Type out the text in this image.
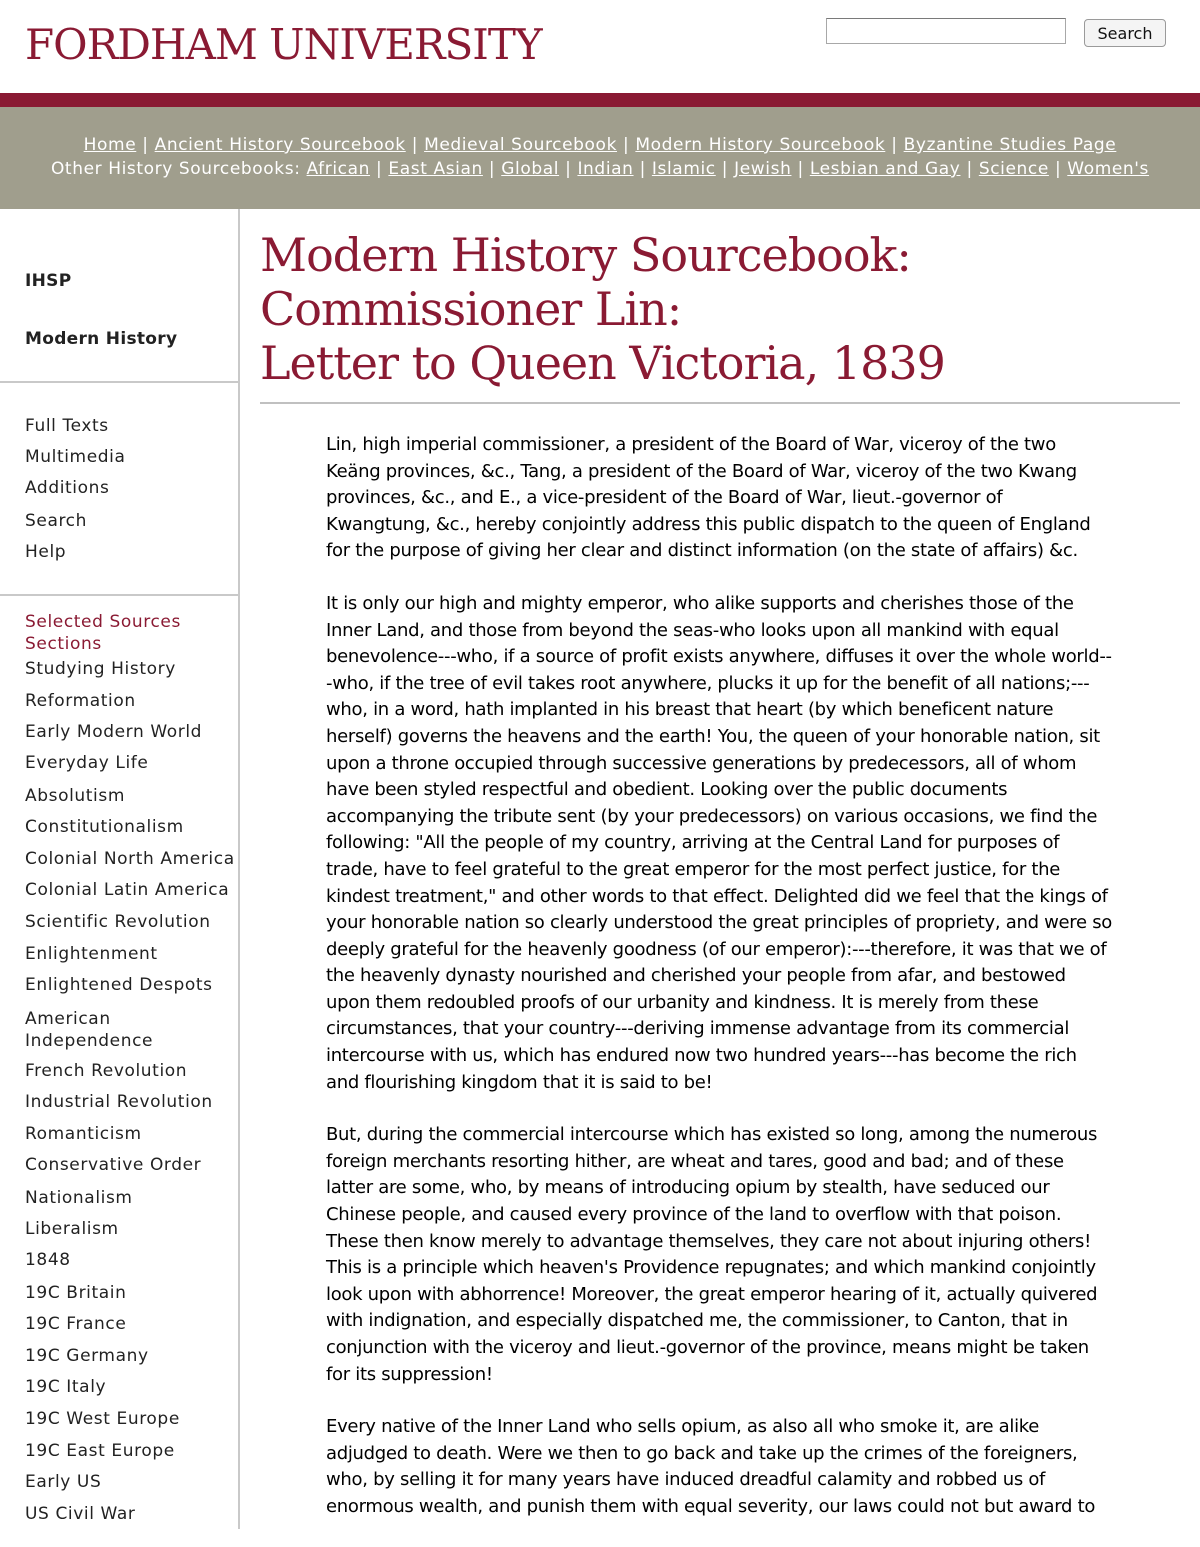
FORDHAM UNIVERSITY	Search
Home | Ancient History Sourcebook | Medieval Sourcebook | Modern History Sourcebook | Byzantine Studies Page
Other History Sourcebooks: African | East Asian | Global | Indian | Islamic | Jewish | Lesbian and Gay | Science | Women's
IHSP
Modern History
Full Texts
Multimedia
Additions
Search
Help
Selected Sources Sections
Studying History
Reformation
Early Modern World
Everyday Life
Absolutism
Constitutionalism
Colonial North America
Colonial Latin America
Scientific Revolution
Enlightenment
Enlightened Despots
American Independence
French Revolution
Industrial Revolution
Romanticism
Conservative Order
Nationalism
Liberalism
1848
19C Britain
19C France
19C Germany
19C Italy
19C West Europe
19C East Europe
Early US
US Civil War
Modern History Sourcebook:
Commissioner Lin:
Letter to Queen Victoria, 1839

Lin, high imperial commissioner, a president of the Board of War, viceroy of the two Keäng provinces, &c., Tang, a president of the Board of War, viceroy of the two Kwang provinces, &c., and E., a vice-president of the Board of War, lieut.-governor of Kwangtung, &c., hereby conjointly address this public dispatch to the queen of England for the purpose of giving her clear and distinct information (on the state of affairs) &c.

It is only our high and mighty emperor, who alike supports and cherishes those of the Inner Land, and those from beyond the seas-who looks upon all mankind with equal benevolence---who, if a source of profit exists anywhere, diffuses it over the whole world---who, if the tree of evil takes root anywhere, plucks it up for the benefit of all nations;---who, in a word, hath implanted in his breast that heart (by which beneficent nature herself) governs the heavens and the earth! You, the queen of your honorable nation, sit upon a throne occupied through successive generations by predecessors, all of whom have been styled respectful and obedient. Looking over the public documents accompanying the tribute sent (by your predecessors) on various occasions, we find the following: "All the people of my country, arriving at the Central Land for purposes of trade, have to feel grateful to the great emperor for the most perfect justice, for the kindest treatment," and other words to that effect. Delighted did we feel that the kings of your honorable nation so clearly understood the great principles of propriety, and were so deeply grateful for the heavenly goodness (of our emperor):---therefore, it was that we of the heavenly dynasty nourished and cherished your people from afar, and bestowed upon them redoubled proofs of our urbanity and kindness. It is merely from these circumstances, that your country---deriving immense advantage from its commercial intercourse with us, which has endured now two hundred years---has become the rich and flourishing kingdom that it is said to be!

But, during the commercial intercourse which has existed so long, among the numerous foreign merchants resorting hither, are wheat and tares, good and bad; and of these latter are some, who, by means of introducing opium by stealth, have seduced our Chinese people, and caused every province of the land to overflow with that poison. These then know merely to advantage themselves, they care not about injuring others! This is a principle which heaven's Providence repugnates; and which mankind conjointly look upon with abhorrence! Moreover, the great emperor hearing of it, actually quivered with indignation, and especially dispatched me, the commissioner, to Canton, that in conjunction with the viceroy and lieut.-governor of the province, means might be taken for its suppression!

Every native of the Inner Land who sells opium, as also all who smoke it, are alike adjudged to death. Were we then to go back and take up the crimes of the foreigners, who, by selling it for many years have induced dreadful calamity and robbed us of enormous wealth, and punish them with equal severity, our laws could not but award to
